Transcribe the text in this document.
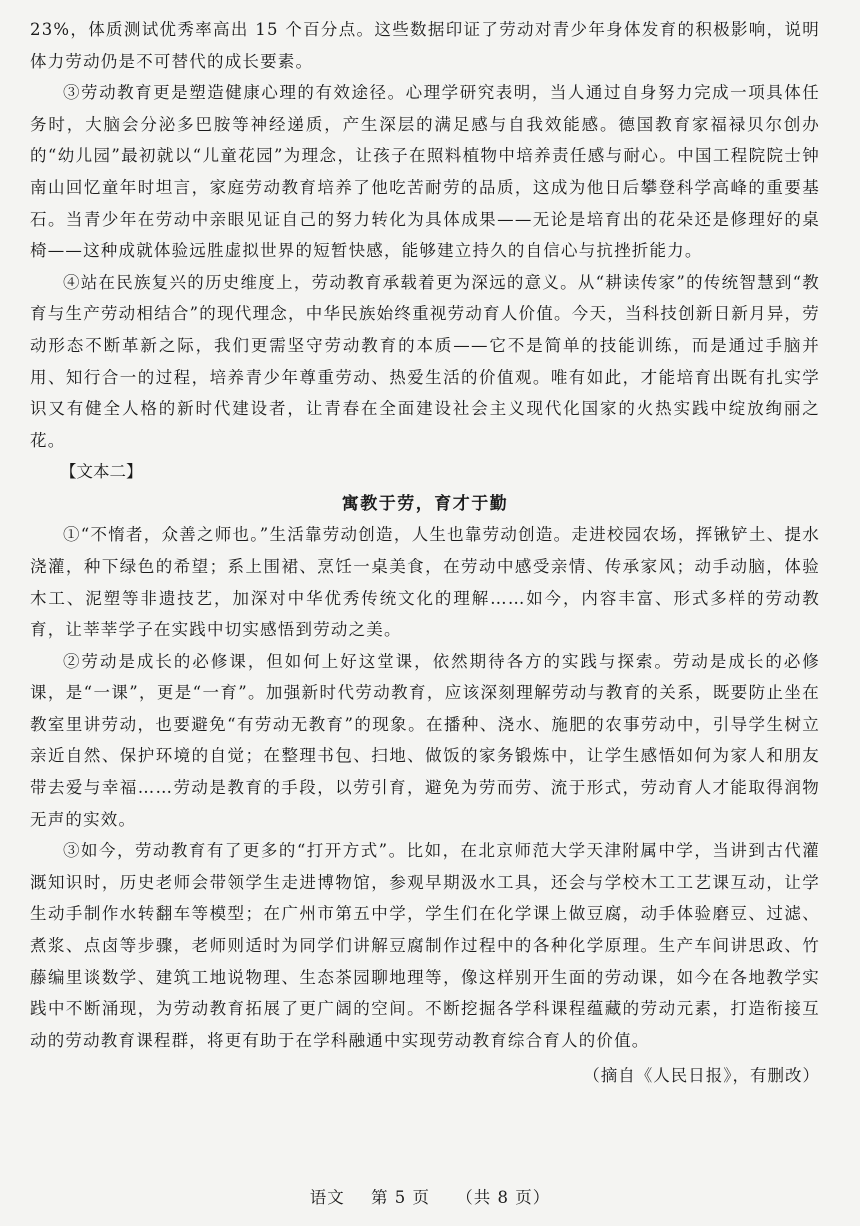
23%，体质测试优秀率高出 15 个百分点。这些数据印证了劳动对青少年身体发育的积极影响，说明体力劳动仍是不可替代的成长要素。

③劳动教育更是塑造健康心理的有效途径。心理学研究表明，当人通过自身努力完成一项具体任务时，大脑会分泌多巴胺等神经递质，产生深层的满足感与自我效能感。德国教育家福禄贝尔创办的“幼儿园”最初就以“儿童花园”为理念，让孩子在照料植物中培养责任感与耐心。中国工程院院士钟南山回忆童年时坦言，家庭劳动教育培养了他吃苦耐劳的品质，这成为他日后攀登科学高峰的重要基石。当青少年在劳动中亲眼见证自己的努力转化为具体成果——无论是培育出的花朵还是修理好的桌椅——这种成就体验远胜虚拟世界的短暂快感，能够建立持久的自信心与抗挫折能力。

④站在民族复兴的历史维度上，劳动教育承载着更为深远的意义。从“耕读传家”的传统智慧到“教育与生产劳动相结合”的现代理念，中华民族始终重视劳动育人价值。今天，当科技创新日新月异，劳动形态不断革新之际，我们更需坚守劳动教育的本质——它不是简单的技能训练，而是通过手脑并用、知行合一的过程，培养青少年尊重劳动、热爱生活的价值观。唯有如此，才能培育出既有扎实学识又有健全人格的新时代建设者，让青春在全面建设社会主义现代化国家的火热实践中绽放绚丽之花。

【文本二】

寓教于劳，育才于勤

①“不惰者，众善之师也。”生活靠劳动创造，人生也靠劳动创造。走进校园农场，挥锹铲土、提水浇灌，种下绿色的希望；系上围裙、烹饪一桌美食，在劳动中感受亲情、传承家风；动手动脑，体验木工、泥塑等非遗技艺，加深对中华优秀传统文化的理解……如今，内容丰富、形式多样的劳动教育，让莘莘学子在实践中切实感悟到劳动之美。

②劳动是成长的必修课，但如何上好这堂课，依然期待各方的实践与探索。劳动是成长的必修课，是“一课”，更是“一育”。加强新时代劳动教育，应该深刻理解劳动与教育的关系，既要防止坐在教室里讲劳动，也要避免“有劳动无教育”的现象。在播种、浇水、施肥的农事劳动中，引导学生树立亲近自然、保护环境的自觉；在整理书包、扫地、做饭的家务锻炼中，让学生感悟如何为家人和朋友带去爱与幸福……劳动是教育的手段，以劳引育，避免为劳而劳、流于形式，劳动育人才能取得润物无声的实效。

③如今，劳动教育有了更多的“打开方式”。比如，在北京师范大学天津附属中学，当讲到古代灌溉知识时，历史老师会带领学生走进博物馆，参观早期汲水工具，还会与学校木工工艺课互动，让学生动手制作水转翻车等模型；在广州市第五中学，学生们在化学课上做豆腐，动手体验磨豆、过滤、煮浆、点卤等步骤，老师则适时为同学们讲解豆腐制作过程中的各种化学原理。生产车间讲思政、竹藤编里谈数学、建筑工地说物理、生态茶园聊地理等，像这样别开生面的劳动课，如今在各地教学实践中不断涌现，为劳动教育拓展了更广阔的空间。不断挖掘各学科课程蕴藏的劳动元素，打造衔接互动的劳动教育课程群，将更有助于在学科融通中实现劳动教育综合育人的价值。

（摘自《人民日报》，有删改）

语文 第 5 页 （共 8 页）
